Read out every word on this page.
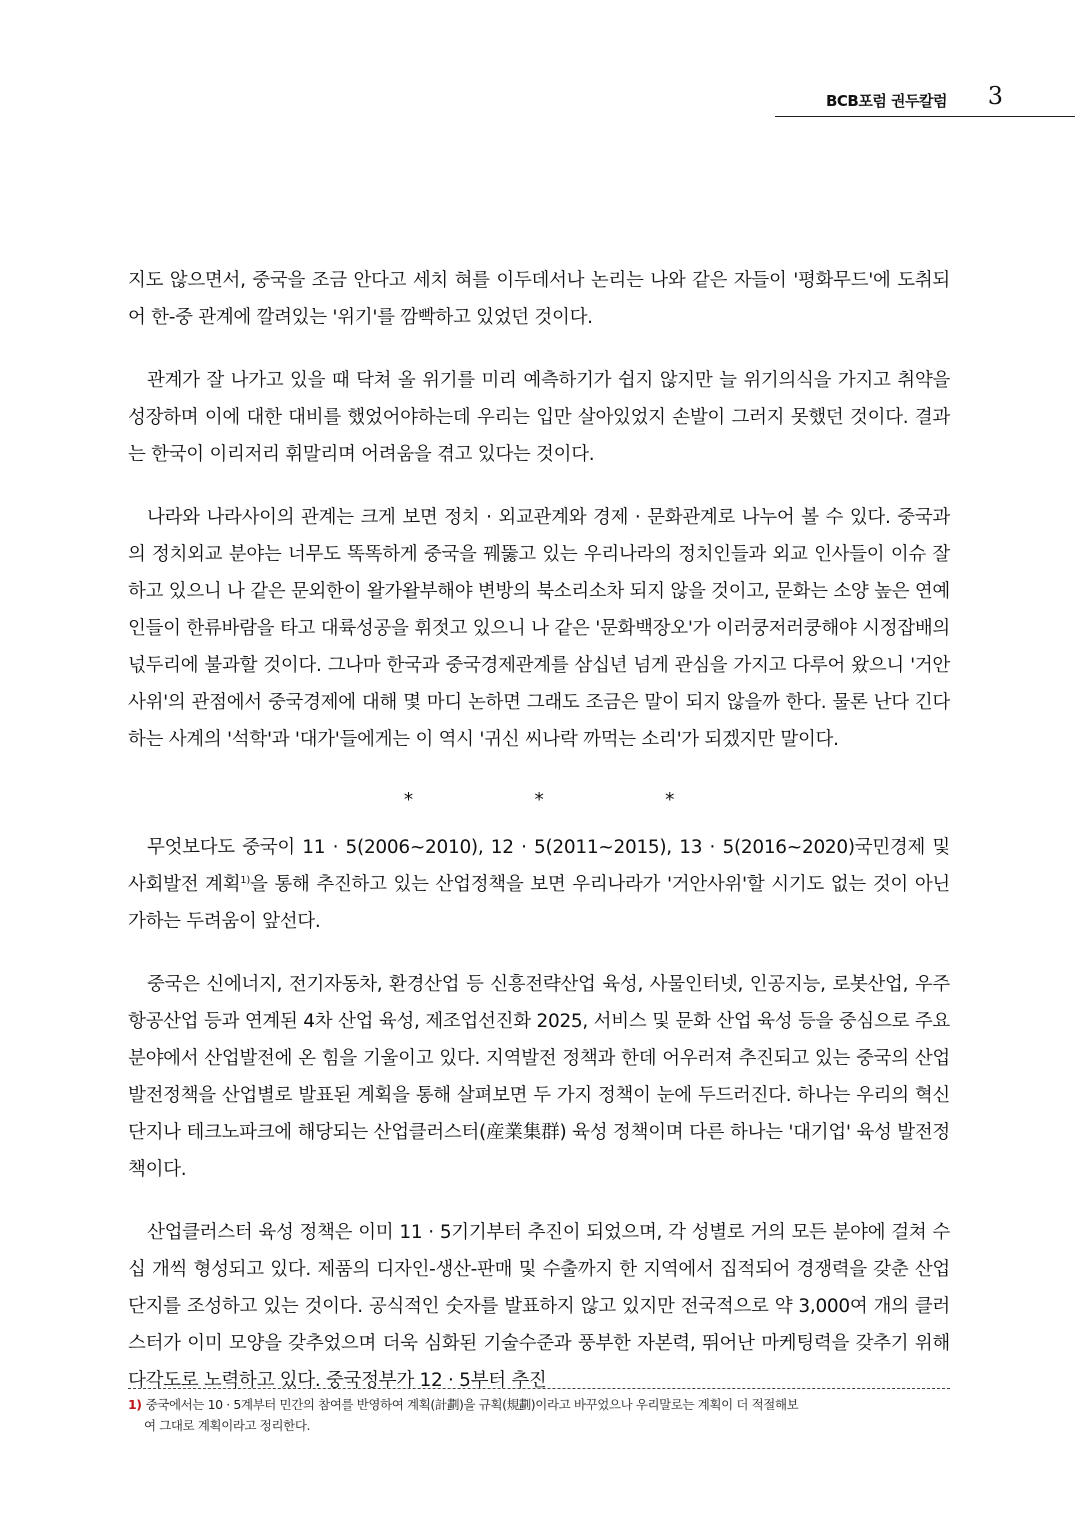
BCB포럼 권두칼럼 3

지도 않으면서, 중국을 조금 안다고 세치 혀를 이두데서나 논리는 나와 같은 자들이 '평화무드'에 도취되어 한-중 관계에 깔려있는 '위기'를 깜빡하고 있었던 것이다.

관계가 잘 나가고 있을 때 닥쳐 올 위기를 미리 예측하기가 쉽지 않지만 늘 위기의식을 가지고 취약을 성장하며 이에 대한 대비를 했었어야하는데 우리는 입만 살아있었지 손발이 그러지 못했던 것이다. 결과는 한국이 이리저리 휘말리며 어려움을 겪고 있다는 것이다.

나라와 나라사이의 관계는 크게 보면 정치 · 외교관계와 경제 · 문화관계로 나누어 볼 수 있다. 중국과의 정치외교 분야는 너무도 똑똑하게 중국을 꿰뚫고 있는 우리나라의 정치인들과 외교 인사들이 이슈 잘 하고 있으니 나 같은 문외한이 왈가왈부해야 변방의 북소리소차 되지 않을 것이고, 문화는 소양 높은 연예인들이 한류바람을 타고 대륙성공을 휘젓고 있으니 나 같은 '문화백장오'가 이러쿵저러쿵해야 시정잡배의 넋두리에 불과할 것이다. 그나마 한국과 중국경제관계를 삼십년 넘게 관심을 가지고 다루어 왔으니 '거안사위'의 관점에서 중국경제에 대해 몇 마디 논하면 그래도 조금은 말이 되지 않을까 한다. 물론 난다 긴다 하는 사계의 '석학'과 '대가'들에게는 이 역시 '귀신 씨나락 까먹는 소리'가 되겠지만 말이다.

*	*	*

무엇보다도 중국이 11 · 5(2006~2010), 12 · 5(2011~2015), 13 · 5(2016~2020)국민경제 및 사회발전 계획$^{1)}$을 통해 추진하고 있는 산업정책을 보면 우리나라가 '거안사위'할 시기도 없는 것이 아닌가하는 두려움이 앞선다.

중국은 신에너지, 전기자동차, 환경산업 등 신흥전략산업 육성, 사물인터넷, 인공지능, 로봇산업, 우주항공산업 등과 연계된 4차 산업 육성, 제조업선진화 2025, 서비스 및 문화 산업 육성 등을 중심으로 주요 분야에서 산업발전에 온 힘을 기울이고 있다. 지역발전 정책과 한데 어우러져 추진되고 있는 중국의 산업발전정책을 산업별로 발표된 계획을 통해 살펴보면 두 가지 정책이 눈에 두드러진다. 하나는 우리의 혁신단지나 테크노파크에 해당되는 산업클러스터(産業集群) 육성 정책이며 다른 하나는 '대기업' 육성 발전정책이다.

산업클러스터 육성 정책은 이미 11 · 5기기부터 추진이 되었으며, 각 성별로 거의 모든 분야에 걸쳐 수십 개씩 형성되고 있다. 제품의 디자인-생산-판매 및 수출까지 한 지역에서 집적되어 경쟁력을 갖춘 산업단지를 조성하고 있는 것이다. 공식적인 숫자를 발표하지 않고 있지만 전국적으로 약 3,000여 개의 클러스터가 이미 모양을 갖추었으며 더욱 심화된 기술수준과 풍부한 자본력, 뛰어난 마케팅력을 갖추기 위해 다각도로 노력하고 있다. 중국정부가 12 · 5부터 추진

1) 중국에서는 10 · 5계부터 민간의 참여를 반영하여 계획(計劃)을 규획(規劃)이라고 바꾸었으나 우리말로는 계획이 더 적절해보
여 그대로 계획이라고 정리한다.
